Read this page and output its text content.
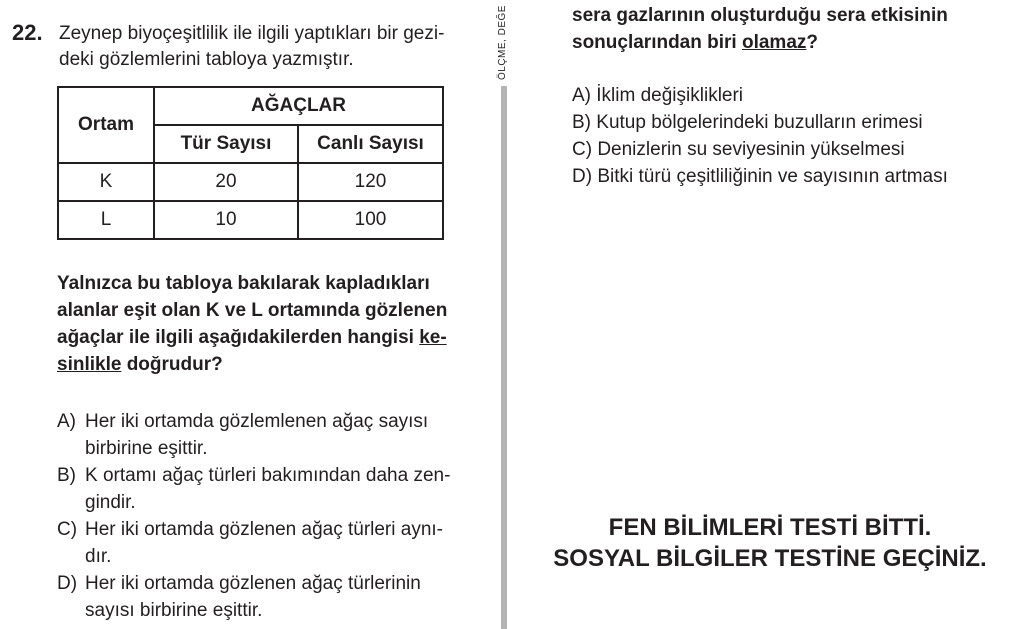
22. Zeynep biyoçeşitlilik ile ilgili yaptıkları bir gezi-
deki gözlemlerini tabloya yazmıştır.
Ortam	AĞAÇLAR	
	Tür Sayısı	Canlı Sayısı
K	20	120
L	10	100
Yalnızca bu tabloya bakılarak kapladıkları
alanlar eşit olan K ve L ortamında gözlenen
ağaçlar ile ilgili aşağıdakilerden hangisi ke-
sinlikle doğrudur?
A) Her iki ortamda gözlemlenen ağaç sayısı
birbirine eşittir.
B) K ortamı ağaç türleri bakımından daha zen-
gindir.
C) Her iki ortamda gözlenen ağaç türleri aynı-
dır.
D) Her iki ortamda gözlenen ağaç türlerinin
sayısı birbirine eşittir.
ÖLÇME, DEĞE	sera gazlarının oluşturduğu sera etkisinin
sonuçlarından biri olamaz?
A) İklim değişiklikleri
B) Kutup bölgelerindeki buzulların erimesi
C) Denizlerin su seviyesinin yükselmesi
D) Bitki türü çeşitliliğinin ve sayısının artması
FEN BİLİMLERİ TESTİ BİTTİ.
SOSYAL BİLGİLER TESTİNE GEÇİNİZ.
